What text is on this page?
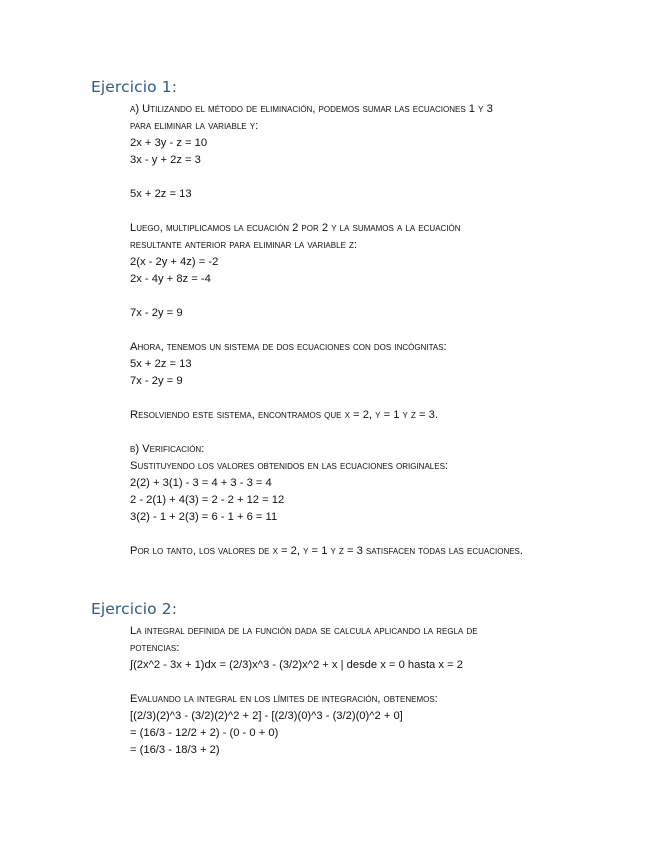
Ejercicio 1:
a) Utilizando el método de eliminación, podemos sumar las ecuaciones 1 y 3
para eliminar la variable y:
2x + 3y - z = 10
3x - y + 2z = 3
5x + 2z = 13
Luego, multiplicamos la ecuación 2 por 2 y la sumamos a la ecuación
resultante anterior para eliminar la variable z:
2(x - 2y + 4z) = -2
2x - 4y + 8z = -4
7x - 2y = 9
Ahora, tenemos un sistema de dos ecuaciones con dos incógnitas:
5x + 2z = 13
7x - 2y = 9
Resolviendo este sistema, encontramos que x = 2, y = 1 y z = 3.
b) Verificación:
Sustituyendo los valores obtenidos en las ecuaciones originales:
2(2) + 3(1) - 3 = 4 + 3 - 3 = 4
2 - 2(1) + 4(3) = 2 - 2 + 12 = 12
3(2) - 1 + 2(3) = 6 - 1 + 6 = 11
Por lo tanto, los valores de x = 2, y = 1 y z = 3 satisfacen todas las ecuaciones.
Ejercicio 2:
La integral definida de la función dada se calcula aplicando la regla de
potencias:
∫(2x^2 - 3x + 1)dx = (2/3)x^3 - (3/2)x^2 + x | desde x = 0 hasta x = 2
Evaluando la integral en los límites de integración, obtenemos:
[(2/3)(2)^3 - (3/2)(2)^2 + 2] - [(2/3)(0)^3 - (3/2)(0)^2 + 0]
= (16/3 - 12/2 + 2) - (0 - 0 + 0)
= (16/3 - 18/3 + 2)
